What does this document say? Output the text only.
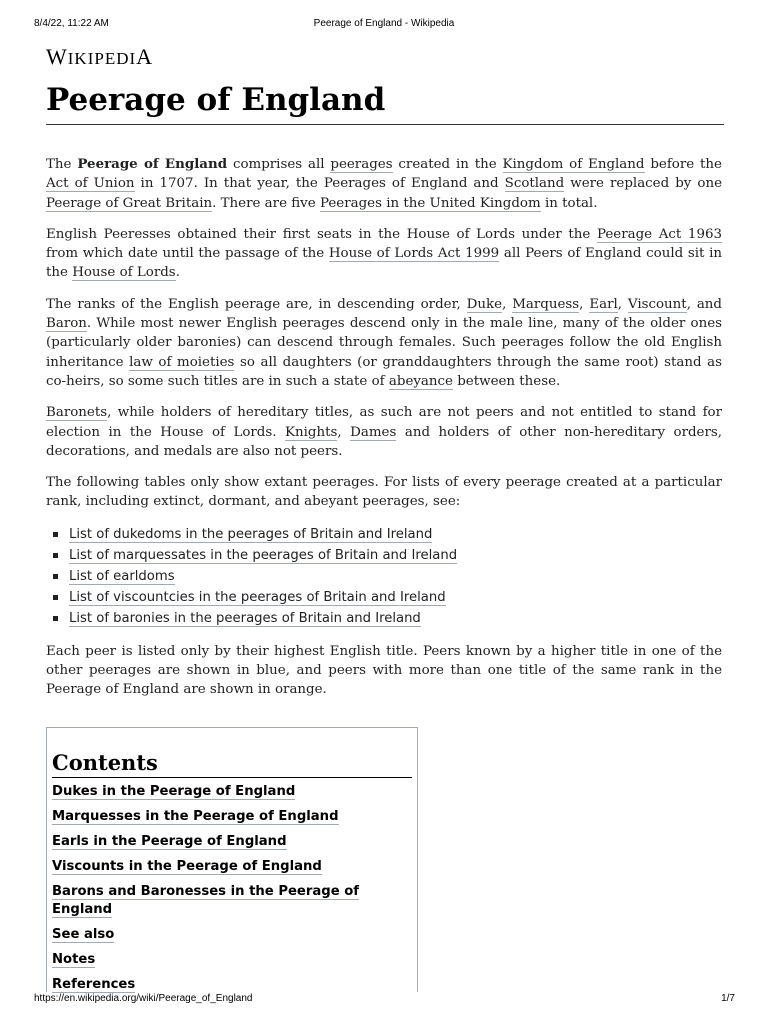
8/4/22, 11:22 AM	Peerage of England - Wikipedia
WIKIPEDIA
Peerage of England

The Peerage of England comprises all peerages created in the Kingdom of England before the Act of Union in 1707. In that year, the Peerages of England and Scotland were replaced by one Peerage of Great Britain. There are five Peerages in the United Kingdom in total.

English Peeresses obtained their first seats in the House of Lords under the Peerage Act 1963 from which date until the passage of the House of Lords Act 1999 all Peers of England could sit in the House of Lords.

The ranks of the English peerage are, in descending order, Duke, Marquess, Earl, Viscount, and Baron. While most newer English peerages descend only in the male line, many of the older ones (particularly older baronies) can descend through females. Such peerages follow the old English inheritance law of moieties so all daughters (or granddaughters through the same root) stand as co-heirs, so some such titles are in such a state of abeyance between these.

Baronets, while holders of hereditary titles, as such are not peers and not entitled to stand for election in the House of Lords. Knights, Dames and holders of other non-hereditary orders, decorations, and medals are also not peers.

The following tables only show extant peerages. For lists of every peerage created at a particular rank, including extinct, dormant, and abeyant peerages, see:

List of dukedoms in the peerages of Britain and Ireland
List of marquessates in the peerages of Britain and Ireland
List of earldoms
List of viscountcies in the peerages of Britain and Ireland
List of baronies in the peerages of Britain and Ireland

Each peer is listed only by their highest English title. Peers known by a higher title in one of the other peerages are shown in blue, and peers with more than one title of the same rank in the Peerage of England are shown in orange.

Contents
Dukes in the Peerage of England
Marquesses in the Peerage of England
Earls in the Peerage of England
Viscounts in the Peerage of England
Barons and Baronesses in the Peerage of England
See also
Notes
References
https://en.wikipedia.org/wiki/Peerage_of_England	1/7
